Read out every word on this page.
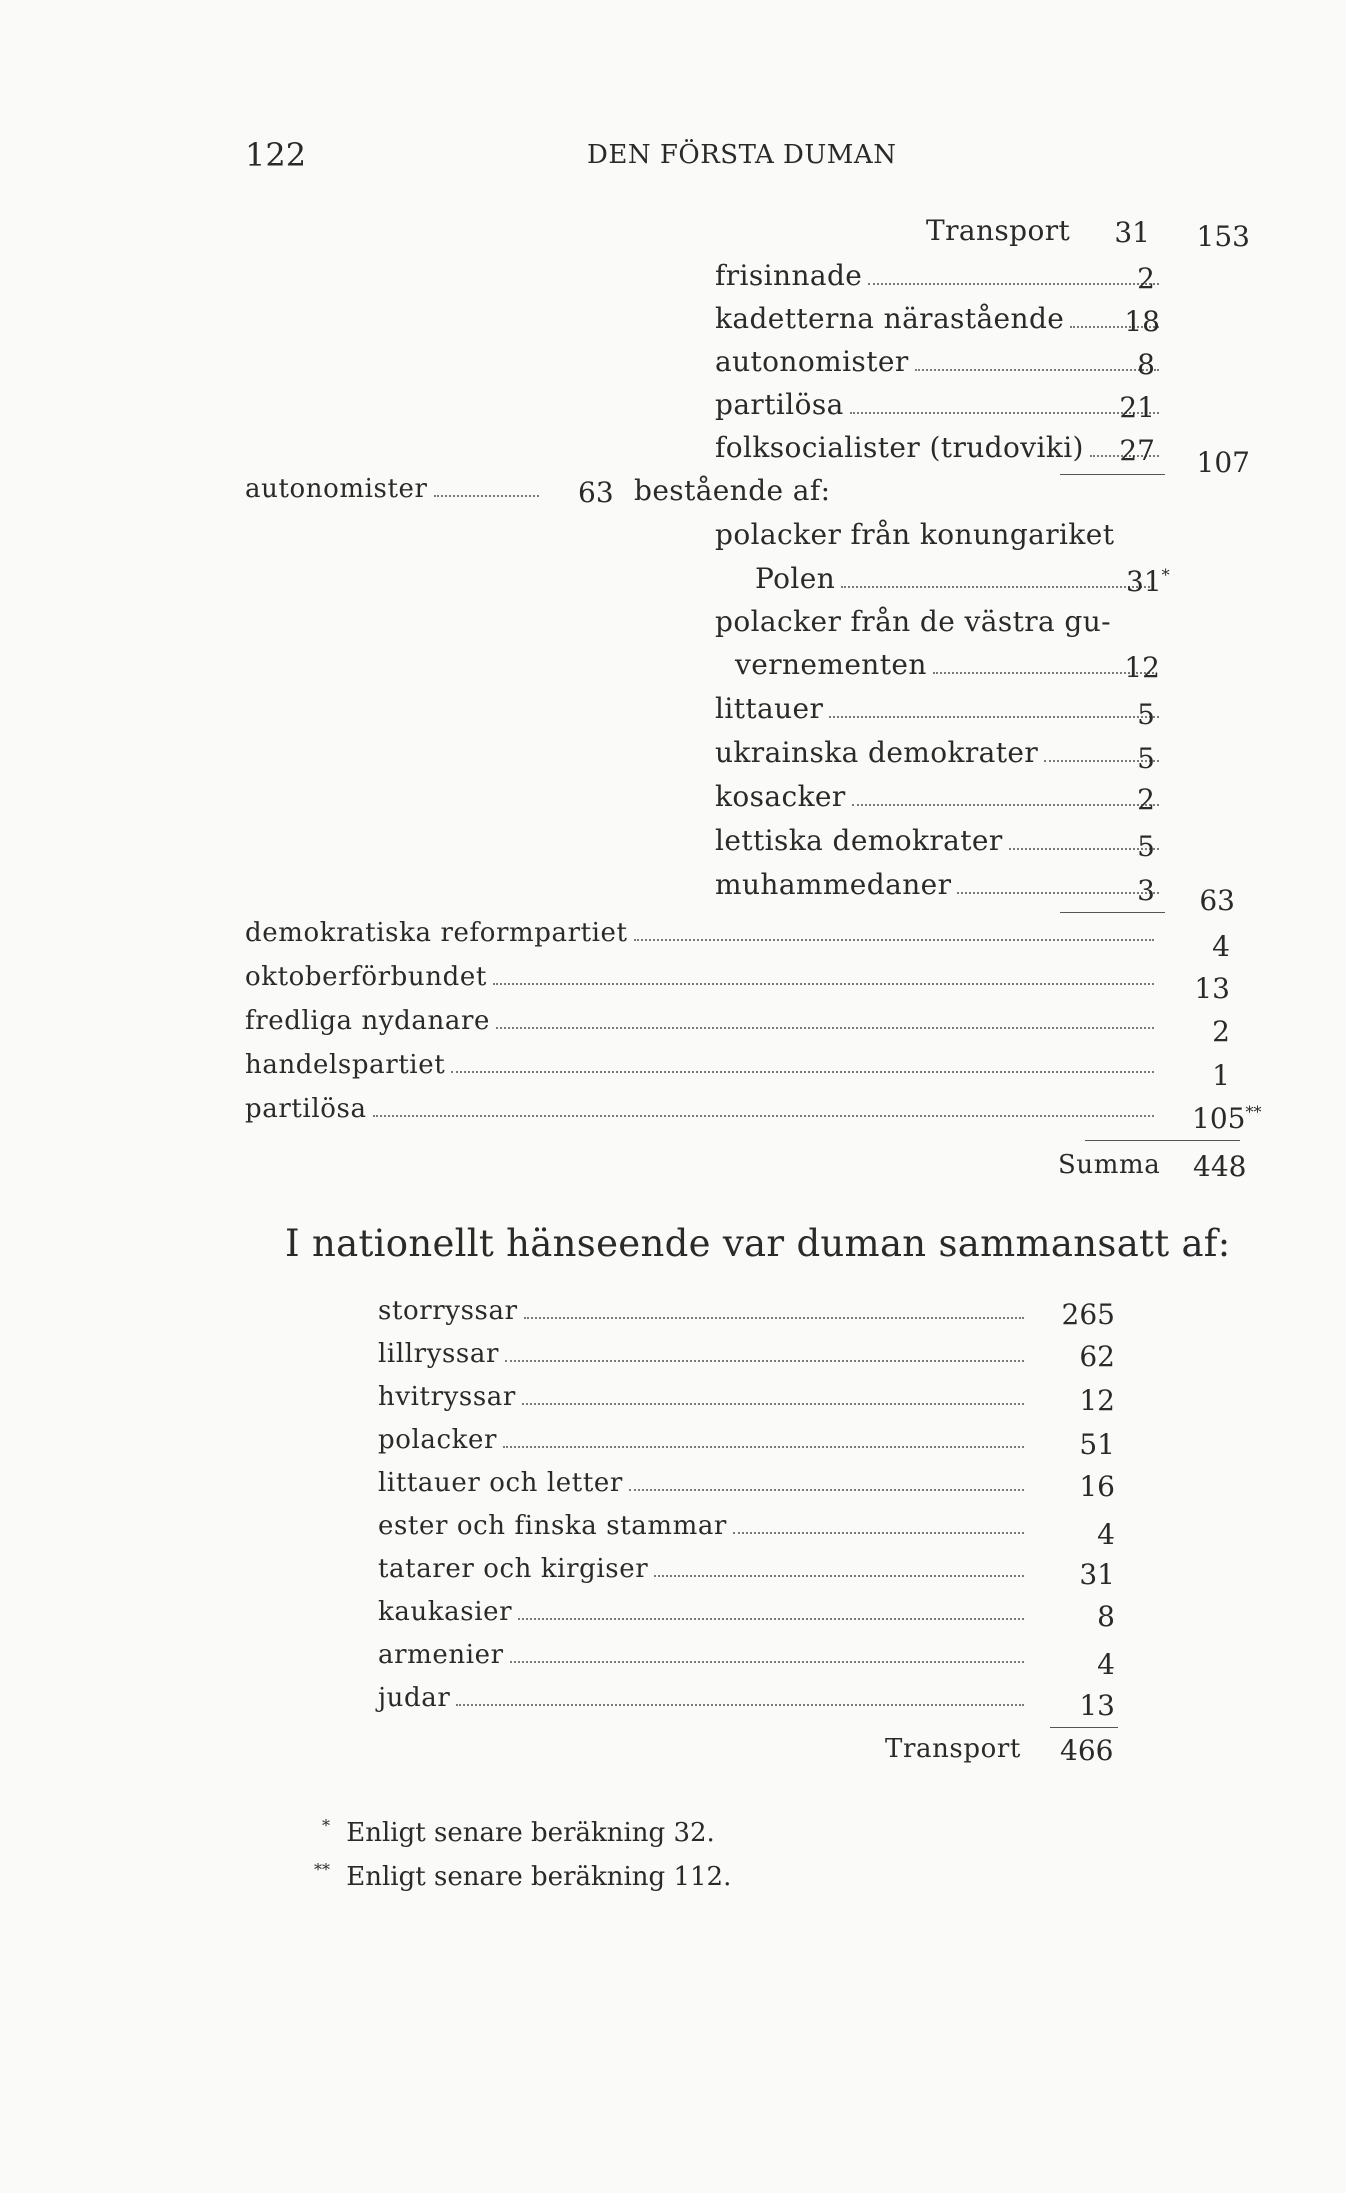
122	DEN FÖRSTA DUMAN
Transport	31	153
frisinnade	2
kadetterna närastående	18
autonomister	8
partilösa	21
folksocialister (trudoviki)	27	107
autonomister	63 bestående af:
polacker från konungariket
Polen	31*
polacker från de västra gu-
vernementen	12
littauer	5
ukrainska demokrater	5
kosacker	2
lettiska demokrater	5
muhammedaner	3	63
demokratiska reformpartiet	4
oktoberförbundet	13
fredliga nydanare	2
handelspartiet	1
partilösa	105**
Summa 448
I nationellt hänseende var duman sammansatt af:
storryssar	265
lillryssar	62
hvitryssar	12
polacker	51
littauer och letter	16
ester och finska stammar	4
tatarer och kirgiser	31
kaukasier	8
armenier	4
judar	13
Transport 466
* Enligt senare beräkning 32.
** Enligt senare beräkning 112.
